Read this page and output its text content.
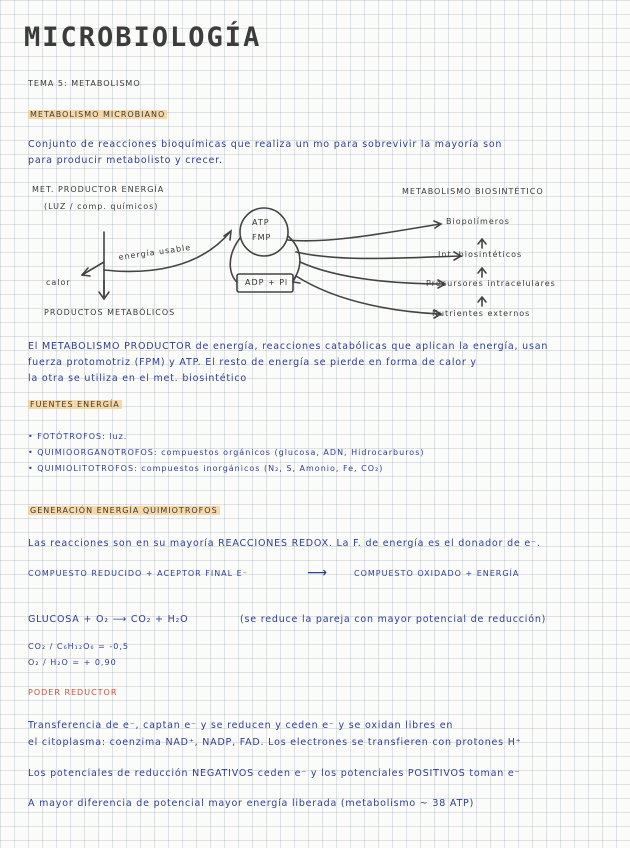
MICROBIOLOGÍA
TEMA 5: METABOLISMO
METABOLISMO MICROBIANO
Conjunto de reacciones bioquímicas que realiza un mo para sobrevivir la mayoría son
para producir metabolisto y crecer.
MET. PRODUCTOR ENERGÍA
(LUZ / comp. químicos)
energía usable
calor
PRODUCTOS METABÓLICOS
ATP
FMP
ADP + Pi
METABOLISMO BIOSINTÉTICO
Biopolímeros
Int. biosintéticos
Precursores intracelulares
Nutrientes externos
El METABOLISMO PRODUCTOR de energía, reacciones catabólicas que aplican la energía, usan
fuerza protomotriz (FPM) y ATP. El resto de energía se pierde en forma de calor y
la otra se utiliza en el met. biosintético
FUENTES ENERGÍA
• FOTÓTROFOS: luz.
• QUIMIOORGANOTROFOS: compuestos orgánicos (glucosa, ADN, Hidrocarburos)
• QUIMIOLITOTROFOS: compuestos inorgánicos (N₂, S, Amonio, Fe, CO₂)
GENERACIÓN ENERGÍA QUIMIOTROFOS
Las reacciones son en su mayoría REACCIONES REDOX. La F. de energía es el donador de e⁻.
COMPUESTO REDUCIDO + ACEPTOR FINAL E⁻	⟶	COMPUESTO OXIDADO + ENERGÍA
GLUCOSA + O₂ ⟶ CO₂ + H₂O	(se reduce la pareja con mayor potencial de reducción)
CO₂ / C₆H₁₂O₆ = -0,5
O₂ / H₂O = + 0,90
PODER REDUCTOR
Transferencia de e⁻, captan e⁻ y se reducen y ceden e⁻ y se oxidan libres en
el citoplasma: coenzima NAD⁺, NADP, FAD. Los electrones se transfieren con protones H⁺
Los potenciales de reducción NEGATIVOS ceden e⁻ y los potenciales POSITIVOS toman e⁻
A mayor diferencia de potencial mayor energía liberada (metabolismo ~ 38 ATP)
